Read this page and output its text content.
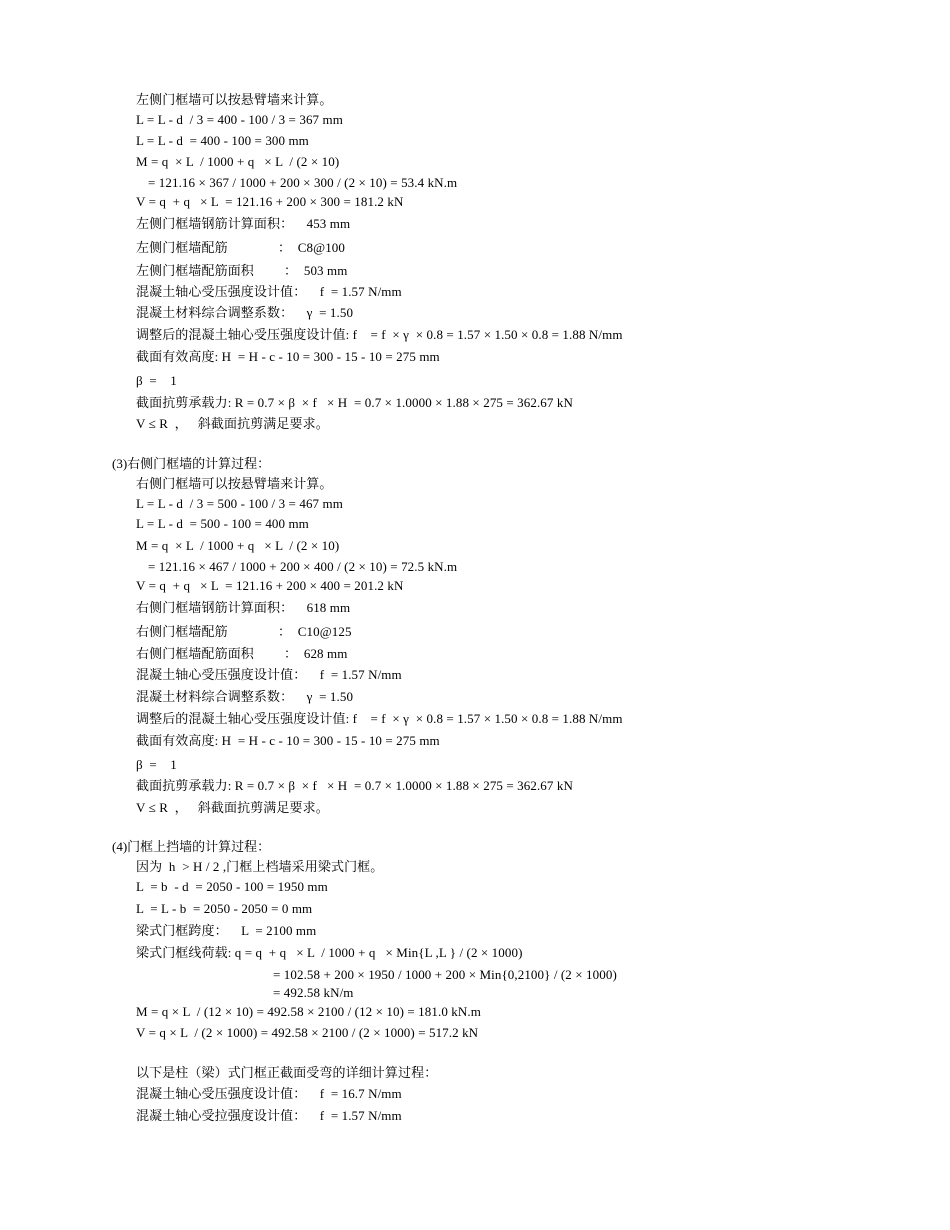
左侧门框墙可以按悬臂墙来计算。
L = L - d  / 3 = 400 - 100 / 3 = 367 mm
L = L - d  = 400 - 100 = 300 mm
M = q  × L  / 1000 + q   × L  / (2 × 10)
= 121.16 × 367 / 1000 + 200 × 300 / (2 × 10) = 53.4 kN.m
V = q  + q   × L  = 121.16 + 200 × 300 = 181.2 kN
左侧门框墙钢筋计算面积：    453 mm
左侧门框墙配筋               ：  C8@100
左侧门框墙配筋面积         ：  503 mm
混凝土轴心受压强度设计值：    f  = 1.57 N/mm
混凝土材料综合调整系数：    γ  = 1.50
调整后的混凝土轴心受压强度设计值: f    = f  × γ  × 0.8 = 1.57 × 1.50 × 0.8 = 1.88 N/mm
截面有效高度: H  = H - c - 10 = 300 - 15 - 10 = 275 mm
β  =    1
截面抗剪承载力: R = 0.7 × β  × f   × H  = 0.7 × 1.0000 × 1.88 × 275 = 362.67 kN
V ≤ R  ，   斜截面抗剪满足要求。
(3)右侧门框墙的计算过程：
右侧门框墙可以按悬臂墙来计算。
L = L - d  / 3 = 500 - 100 / 3 = 467 mm
L = L - d  = 500 - 100 = 400 mm
M = q  × L  / 1000 + q   × L  / (2 × 10)
= 121.16 × 467 / 1000 + 200 × 400 / (2 × 10) = 72.5 kN.m
V = q  + q   × L  = 121.16 + 200 × 400 = 201.2 kN
右侧门框墙钢筋计算面积：    618 mm
右侧门框墙配筋               ：  C10@125
右侧门框墙配筋面积         ：  628 mm
混凝土轴心受压强度设计值：    f  = 1.57 N/mm
混凝土材料综合调整系数：    γ  = 1.50
调整后的混凝土轴心受压强度设计值: f    = f  × γ  × 0.8 = 1.57 × 1.50 × 0.8 = 1.88 N/mm
截面有效高度: H  = H - c - 10 = 300 - 15 - 10 = 275 mm
β  =    1
截面抗剪承载力: R = 0.7 × β  × f   × H  = 0.7 × 1.0000 × 1.88 × 275 = 362.67 kN
V ≤ R  ，   斜截面抗剪满足要求。
(4)门框上挡墙的计算过程：
因为  h  > H / 2 ,门框上档墙采用梁式门框。
L  = b  - d  = 2050 - 100 = 1950 mm
L  = L - b  = 2050 - 2050 = 0 mm
梁式门框跨度：    L  = 2100 mm
梁式门框线荷载: q = q  + q   × L  / 1000 + q   × Min{L ,L } / (2 × 1000)
= 102.58 + 200 × 1950 / 1000 + 200 × Min{0,2100} / (2 × 1000)
= 492.58 kN/m
M = q × L  / (12 × 10) = 492.58 × 2100 / (12 × 10) = 181.0 kN.m
V = q × L  / (2 × 1000) = 492.58 × 2100 / (2 × 1000) = 517.2 kN
以下是柱（梁）式门框正截面受弯的详细计算过程：
混凝土轴心受压强度设计值：    f  = 16.7 N/mm
混凝土轴心受拉强度设计值：    f  = 1.57 N/mm
